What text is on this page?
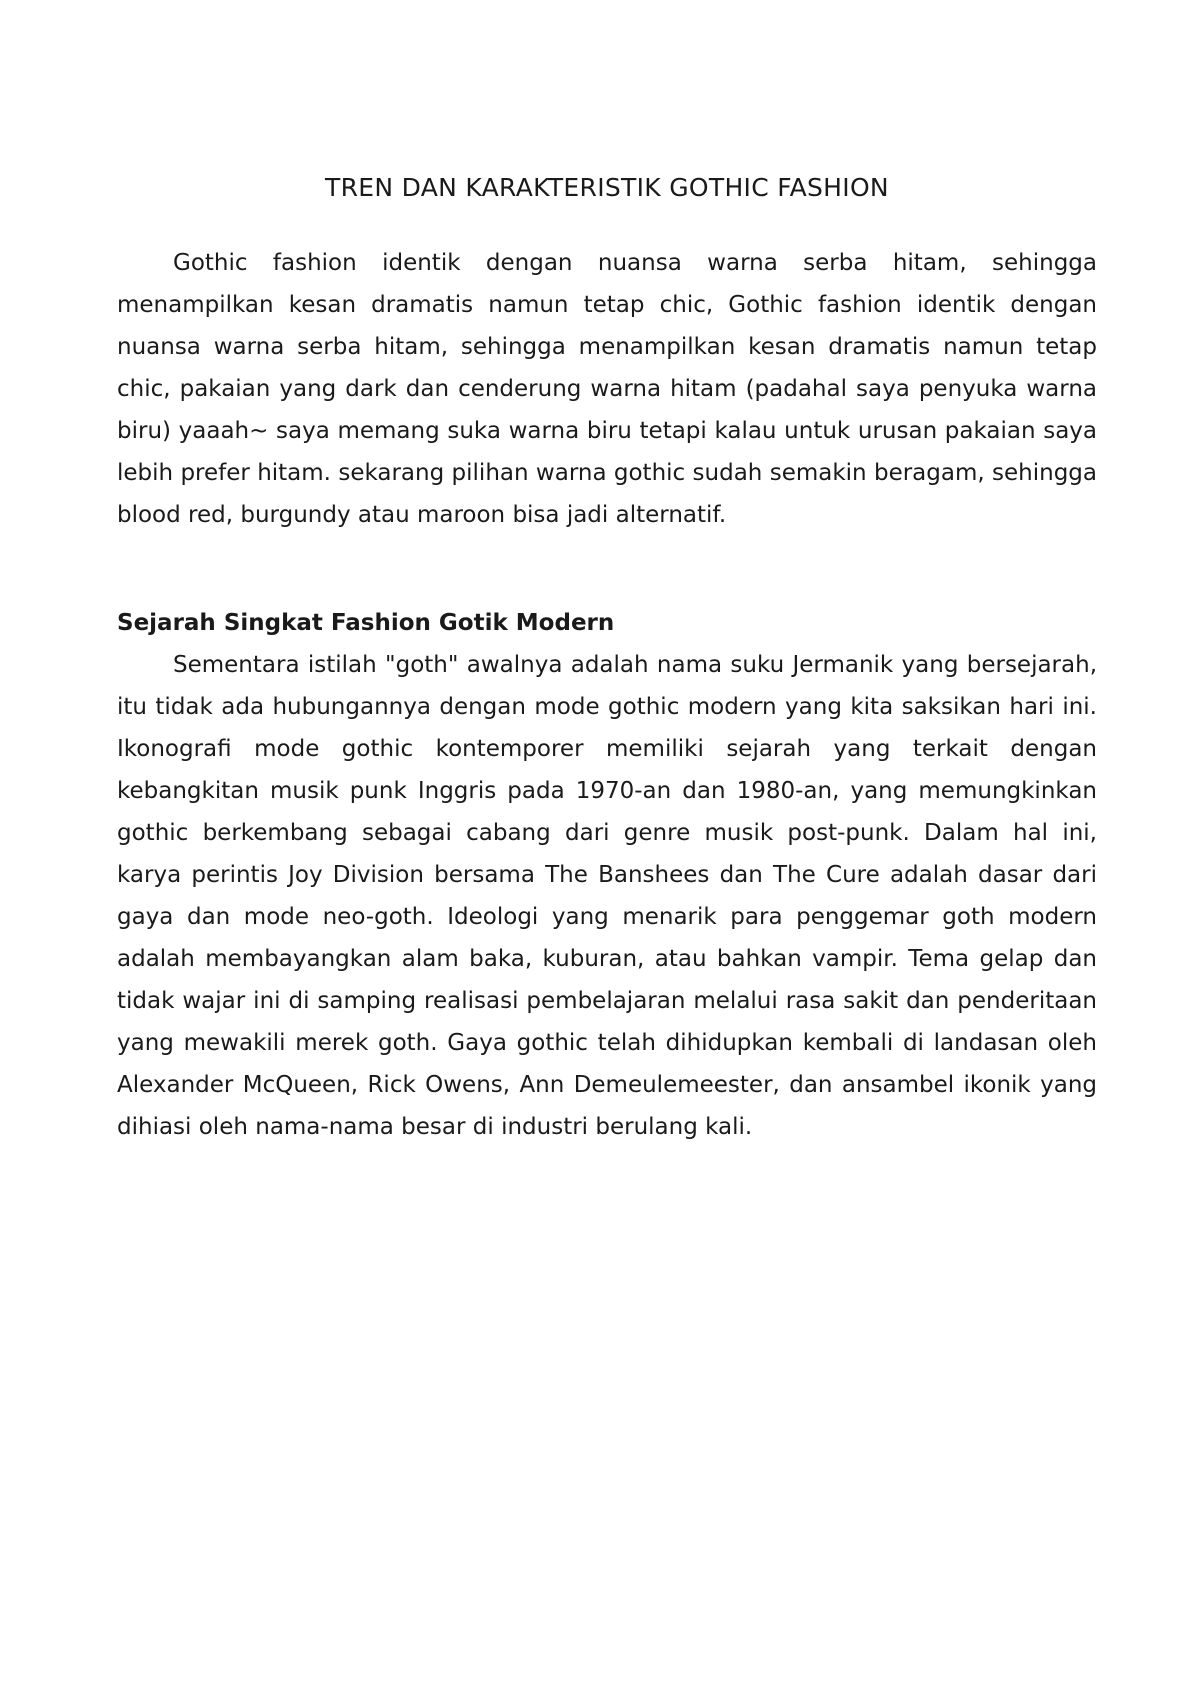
TREN DAN KARAKTERISTIK GOTHIC FASHION

Gothic fashion identik dengan nuansa warna serba hitam, sehingga menampilkan kesan dramatis namun tetap chic, Gothic fashion identik dengan nuansa warna serba hitam, sehingga menampilkan kesan dramatis namun tetap chic, pakaian yang dark dan cenderung warna hitam (padahal saya penyuka warna biru) yaaah~ saya memang suka warna biru tetapi kalau untuk urusan pakaian saya lebih prefer hitam. sekarang pilihan warna gothic sudah semakin beragam, sehingga blood red, burgundy atau maroon bisa jadi alternatif.

Sejarah Singkat Fashion Gotik Modern

Sementara istilah "goth" awalnya adalah nama suku Jermanik yang bersejarah, itu tidak ada hubungannya dengan mode gothic modern yang kita saksikan hari ini. Ikonografi mode gothic kontemporer memiliki sejarah yang terkait dengan kebangkitan musik punk Inggris pada 1970-an dan 1980-an, yang memungkinkan gothic berkembang sebagai cabang dari genre musik post-punk. Dalam hal ini, karya perintis Joy Division bersama The Banshees dan The Cure adalah dasar dari gaya dan mode neo-goth. Ideologi yang menarik para penggemar goth modern adalah membayangkan alam baka, kuburan, atau bahkan vampir. Tema gelap dan tidak wajar ini di samping realisasi pembelajaran melalui rasa sakit dan penderitaan yang mewakili merek goth. Gaya gothic telah dihidupkan kembali di landasan oleh Alexander McQueen, Rick Owens, Ann Demeulemeester, dan ansambel ikonik yang dihiasi oleh nama-nama besar di industri berulang kali.
